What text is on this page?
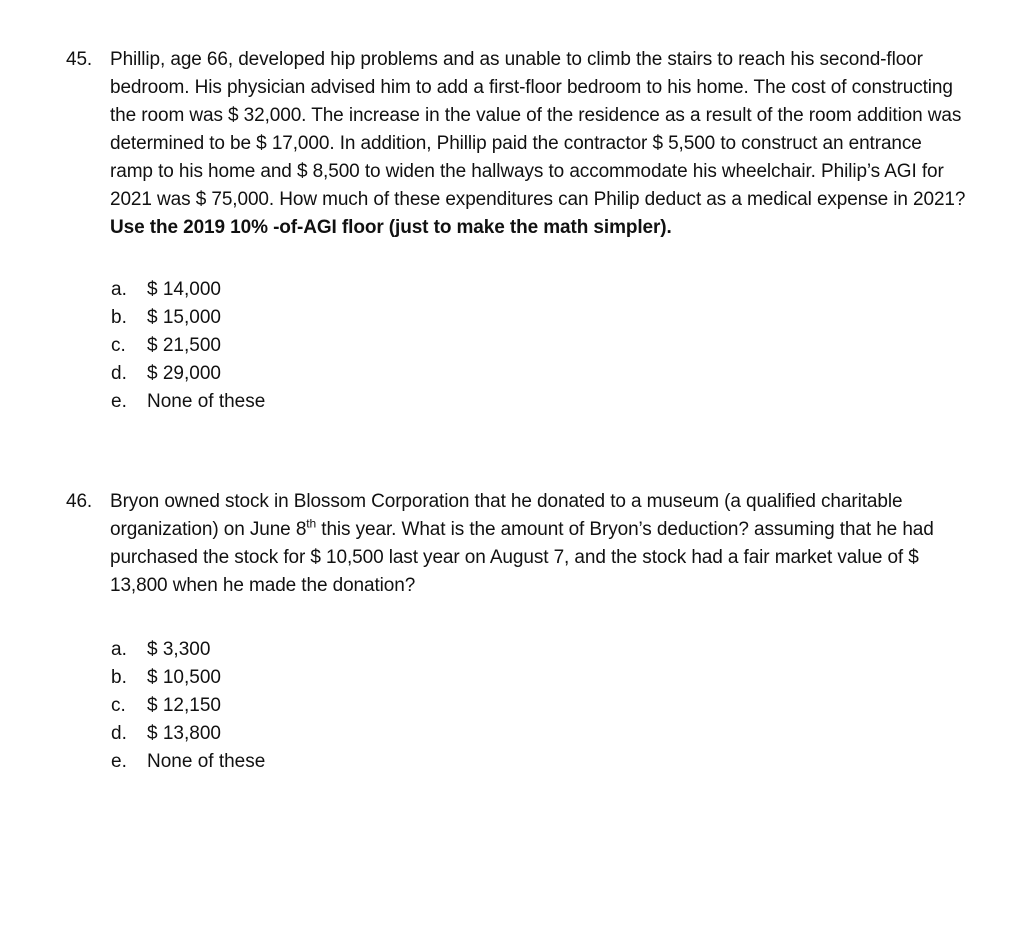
45. Phillip, age 66, developed hip problems and as unable to climb the stairs to reach his second-floor bedroom. His physician advised him to add a first-floor bedroom to his home. The cost of constructing the room was $ 32,000. The increase in the value of the residence as a result of the room addition was determined to be $ 17,000. In addition, Phillip paid the contractor $ 5,500 to construct an entrance ramp to his home and $ 8,500 to widen the hallways to accommodate his wheelchair. Philip’s AGI for 2021 was $ 75,000. How much of these expenditures can Philip deduct as a medical expense in 2021? Use the 2019 10% -of-AGI floor (just to make the math simpler).
a.	$ 14,000
b.	$ 15,000
c.	$ 21,500
d.	$ 29,000
e.	None of these
46. Bryon owned stock in Blossom Corporation that he donated to a museum (a qualified charitable organization) on June 8th this year. What is the amount of Bryon’s deduction? assuming that he had purchased the stock for $ 10,500 last year on August 7, and the stock had a fair market value of $ 13,800 when he made the donation?
a.	$ 3,300
b.	$ 10,500
c.	$ 12,150
d.	$ 13,800
e.	None of these
